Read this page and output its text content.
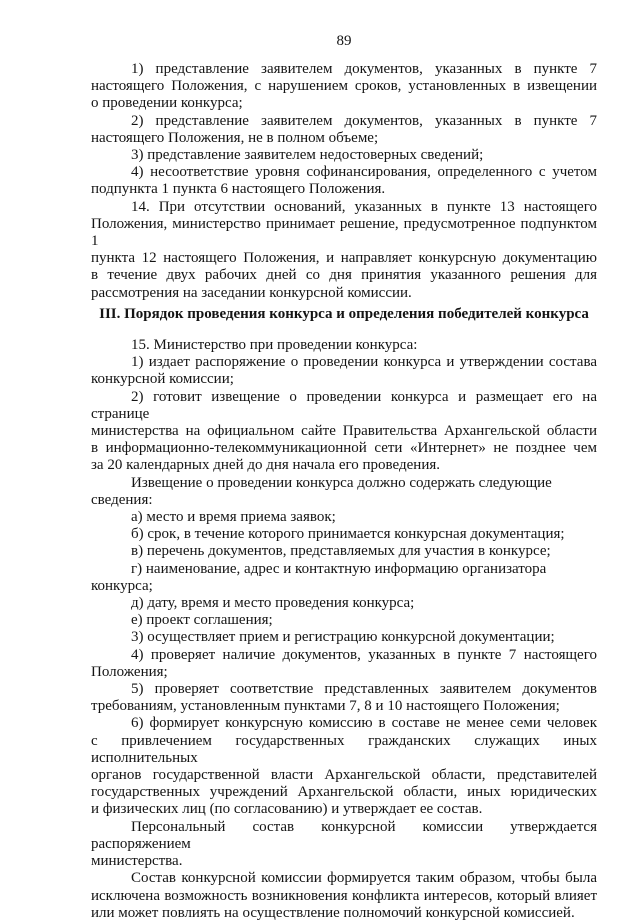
89
1) представление заявителем документов, указанных в пункте 7
настоящего Положения, с нарушением сроков, установленных в извещении
о проведении конкурса;
2) представление заявителем документов, указанных в пункте 7
настоящего Положения, не в полном объеме;
3) представление заявителем недостоверных сведений;
4) несоответствие уровня софинансирования, определенного с учетом
подпункта 1 пункта 6 настоящего Положения.
14. При отсутствии оснований, указанных в пункте 13 настоящего
Положения, министерство принимает решение, предусмотренное подпунктом 1
пункта 12 настоящего Положения, и направляет конкурсную документацию
в течение двух рабочих дней со дня принятия указанного решения для
рассмотрения на заседании конкурсной комиссии.
III. Порядок проведения конкурса и определения победителей конкурса
15. Министерство при проведении конкурса:
1) издает распоряжение о проведении конкурса и утверждении состава
конкурсной комиссии;
2) готовит извещение о проведении конкурса и размещает его на странице
министерства на официальном сайте Правительства Архангельской области
в информационно-телекоммуникационной сети «Интернет» не позднее чем
за 20 календарных дней до дня начала его проведения.
Извещение о проведении конкурса должно содержать следующие сведения:
а) место и время приема заявок;
б) срок, в течение которого принимается конкурсная документация;
в) перечень документов, представляемых для участия в конкурсе;
г) наименование, адрес и контактную информацию организатора конкурса;
д) дату, время и место проведения конкурса;
е) проект соглашения;
3) осуществляет прием и регистрацию конкурсной документации;
4) проверяет наличие документов, указанных в пункте 7 настоящего
Положения;
5) проверяет соответствие представленных заявителем документов
требованиям, установленным пунктами 7, 8 и 10 настоящего Положения;
6) формирует конкурсную комиссию в составе не менее семи человек
с привлечением государственных гражданских служащих иных исполнительных
органов государственной власти Архангельской области, представителей
государственных учреждений Архангельской области, иных юридических
и физических лиц (по согласованию) и утверждает ее состав.
Персональный состав конкурсной комиссии утверждается распоряжением
министерства.
Состав конкурсной комиссии формируется таким образом, чтобы была
исключена возможность возникновения конфликта интересов, который влияет
или может повлиять на осуществление полномочий конкурсной комиссией.
